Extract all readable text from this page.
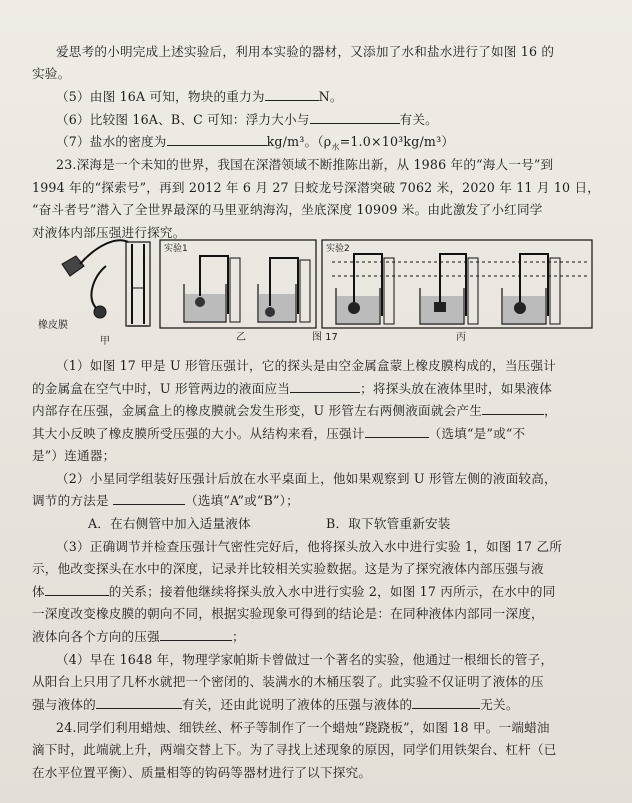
爱思考的小明完成上述实验后，利用本实验的器材，又添加了水和盐水进行了如图 16 的
实验。
（5）由图 16A 可知，物块的重力为	N。
（6）比较图 16A、B、C 可知：浮力大小与	有关。
（7）盐水的密度为	kg/m³。$(\rho_水=1.0\times 10^3kg/m^3)$
23.深海是一个未知的世界，我国在深潜领域不断推陈出新，从 1986 年的“海人一号”到
1994 年的“探索号”，再到 2012 年 6 月 27 日蛟龙号深潜突破 7062 米，2020 年 11 月 10 日，
“奋斗者号”潜入了全世界最深的马里亚纳海沟，坐底深度 10909 米。由此激发了小红同学
对液体内部压强进行探究。
橡皮膜
甲
实验1
乙
实验2
丙
图 17
（1）如图 17 甲是 U 形管压强计，它的探头是由空金属盒蒙上橡皮膜构成的，当压强计
的金属盒在空气中时，U 形管两边的液面应当	；将探头放在液体里时，如果液体
内部存在压强，金属盒上的橡皮膜就会发生形变，U 形管左右两侧液面就会产生	，
其大小反映了橡皮膜所受压强的大小。从结构来看，压强计	（选填“是”或“不
是”）连通器；
（2）小星同学组装好压强计后放在水平桌面上，他如果观察到 U 形管左侧的液面较高，
调节的方法是	（选填“A”或“B”）；
A．在右侧管中加入适量液体	B．取下软管重新安装
（3）正确调节并检查压强计气密性完好后，他将探头放入水中进行实验 1，如图 17 乙所
示，他改变探头在水中的深度，记录并比较相关实验数据。这是为了探究液体内部压强与液
体	的关系；接着他继续将探头放入水中进行实验 2，如图 17 丙所示，在水中的同
一深度改变橡皮膜的朝向不同，根据实验现象可得到的结论是：在同种液体内部同一深度，
液体向各个方向的压强	；
（4）早在 1648 年，物理学家帕斯卡曾做过一个著名的实验，他通过一根细长的管子，
从阳台上只用了几杯水就把一个密闭的、装满水的木桶压裂了。此实验不仅证明了液体的压
强与液体的	有关，还由此说明了液体的压强与液体的	无关。
24.同学们利用蜡烛、细铁丝、杯子等制作了一个蜡烛“跷跷板”，如图 18 甲。一端蜡油
滴下时，此端就上升，两端交替上下。为了寻找上述现象的原因，同学们用铁架台、杠杆（已
在水平位置平衡）、质量相等的钩码等器材进行了以下探究。
